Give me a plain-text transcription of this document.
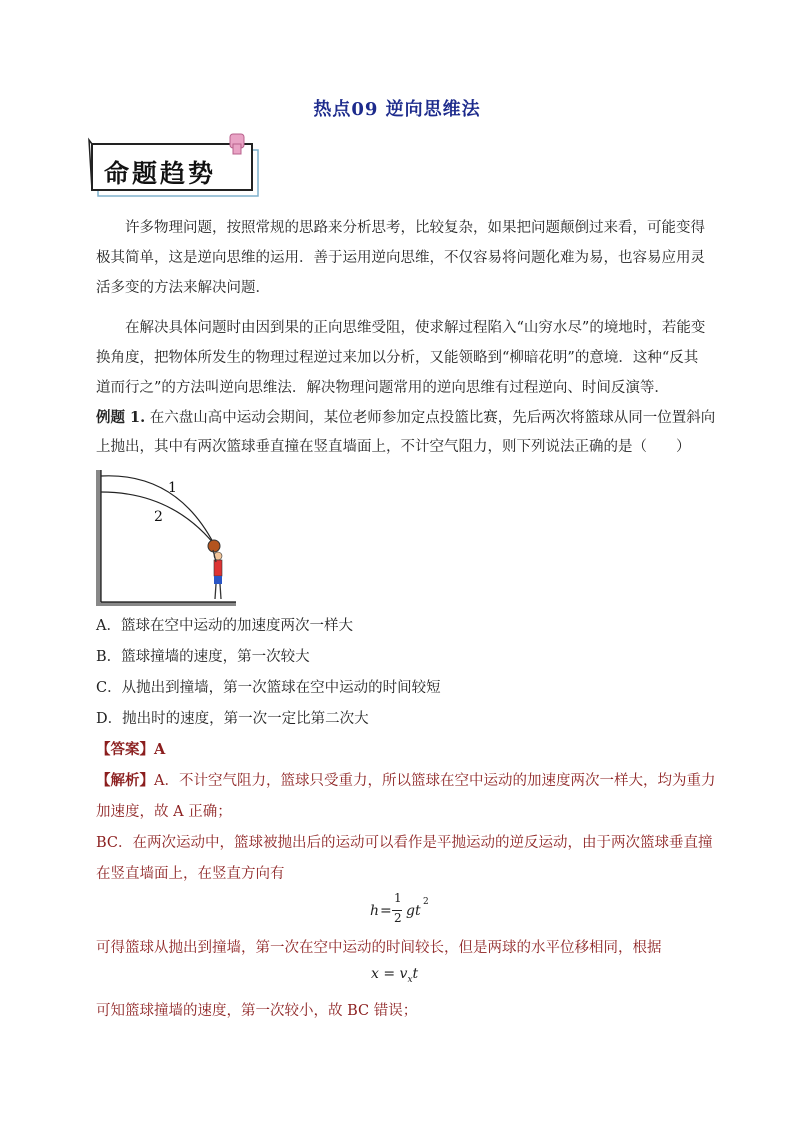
热点09 逆向思维法
命题趋势

许多物理问题，按照常规的思路来分析思考，比较复杂，如果把问题颠倒过来看，可能变得极其简单，这是逆向思维的运用．善于运用逆向思维，不仅容易将问题化难为易，也容易应用灵活多变的方法来解决问题．

在解决具体问题时由因到果的正向思维受阻，使求解过程陷入“山穷水尽”的境地时，若能变换角度，把物体所发生的物理过程逆过来加以分析，又能领略到“柳暗花明”的意境．这种“反其道而行之”的方法叫逆向思维法．解决物理问题常用的逆向思维有过程逆向、时间反演等．

例题 1. 在六盘山高中运动会期间，某位老师参加定点投篮比赛，先后两次将篮球从同一位置斜向
上抛出，其中有两次篮球垂直撞在竖直墙面上，不计空气阻力，则下列说法正确的是（　　）
1
2
A．篮球在空中运动的加速度两次一样大
B．篮球撞墙的速度，第一次较大
C．从抛出到撞墙，第一次篮球在空中运动的时间较短
D．抛出时的速度，第一次一定比第二次大
【答案】A
【解析】A．不计空气阻力，篮球只受重力，所以篮球在空中运动的加速度两次一样大，均为重力
加速度，故 A 正确；
BC．在两次运动中，篮球被抛出后的运动可以看作是平抛运动的逆反运动，由于两次篮球垂直撞
在竖直墙面上，在竖直方向有
h =
1
2 gt
2
可得篮球从抛出到撞墙，第一次在空中运动的时间较长，但是两球的水平位移相同，根据
$x = v_xt$
可知篮球撞墙的速度，第一次较小，故 BC 错误；
